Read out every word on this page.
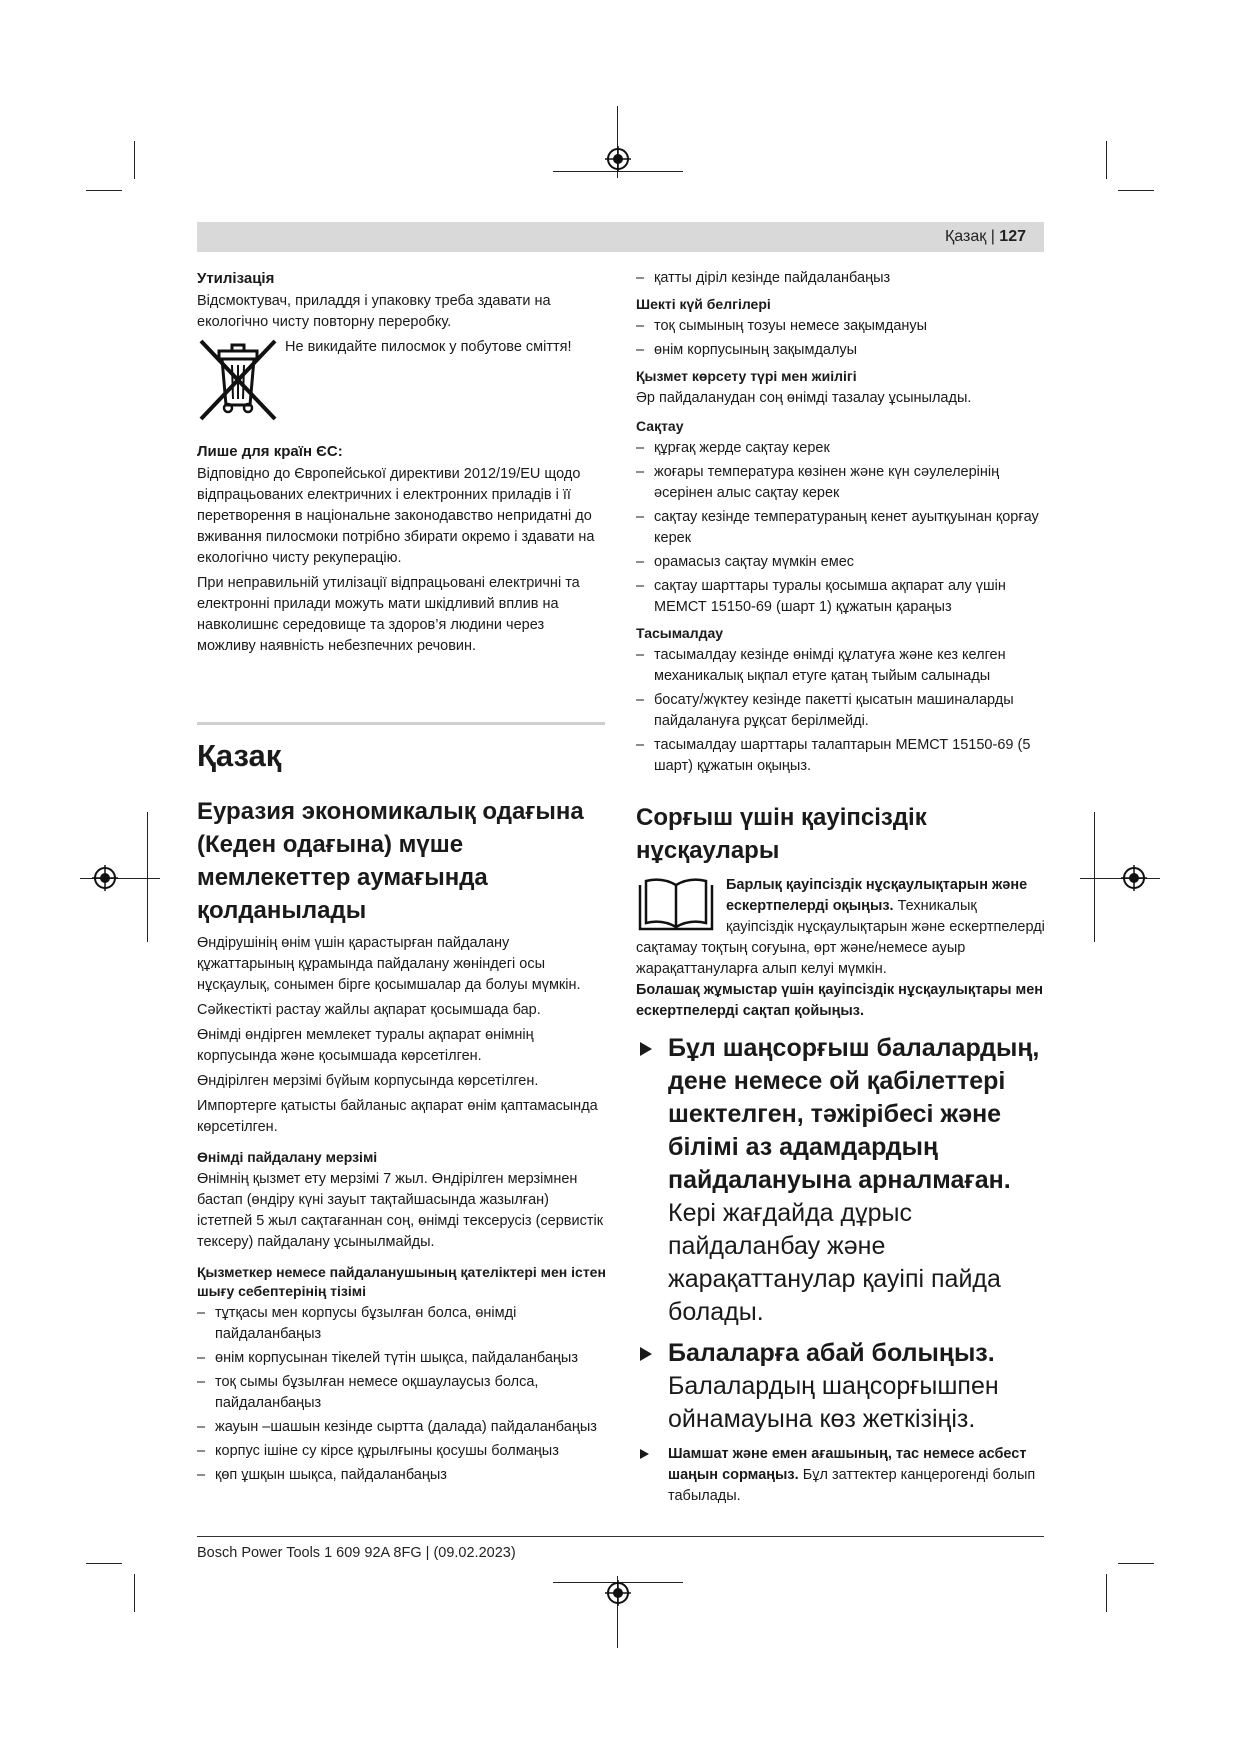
Қазақ | 127
Утилізація

Відсмоктувач, приладдя і упаковку треба здавати на екологічно чисту повторну переробку.

Не викидайте пилосмок у побутове сміття!
Лише для країн ЄС:

Відповідно до Європейської директиви 2012/19/EU щодо відпрацьованих електричних і електронних приладів і її перетворення в національне законодавство непридатні до вживання пилосмоки потрібно збирати окремо і здавати на екологічно чисту рекуперацію.

При неправильній утилізації відпрацьовані електричні та електронні прилади можуть мати шкідливий вплив на навколишнє середовище та здоров’я людини через можливу наявність небезпечних речовин.

Қазақ
Еуразия экономикалық одағына (Кеден одағына) мүше мемлекеттер аумағында қолданылады

Өндірушінің өнім үшін қарастырған пайдалану құжаттарының құрамында пайдалану жөніндегі осы нұсқаулық, сонымен бірге қосымшалар да болуы мүмкін.

Сәйкестікті растау жайлы ақпарат қосымшада бар.

Өнімді өндірген мемлекет туралы ақпарат өнімнің корпусында және қосымшада көрсетілген.

Өндірілген мерзімі бүйым корпусында көрсетілген.

Импортерге қатысты байланыс ақпарат өнім қаптамасында көрсетілген.

Өнімді пайдалану мерзімі

Өнімнің қызмет ету мерзімі 7 жыл. Өндірілген мерзімнен бастап (өндіру күні зауыт тақтайшасында жазылған) істетпей 5 жыл сақтағаннан соң, өнімді тексерусіз (сервистік тексеру) пайдалану ұсынылмайды.

Қызметкер немесе пайдаланушының қателіктері мен істен шығу себептерінің тізімі
– тұтқасы мен корпусы бұзылған болса, өнімді пайдаланбаңыз
– өнім корпусынан тікелей түтін шықса, пайдаланбаңыз
– тоқ сымы бұзылған немесе оқшаулаусыз болса, пайдаланбаңыз
– жауын –шашын кезінде сыртта (далада) пайдаланбаңыз
– корпус ішіне су кірсе құрылғыны қосушы болмаңыз
– қөп ұшқын шықса, пайдаланбаңыз
– қатты діріл кезінде пайдаланбаңыз
Шекті күй белгілері
– тоқ сымының тозуы немесе зақымдануы
– өнім корпусының зақымдалуы
Қызмет көрсету түрі мен жиілігі

Әр пайдаланудан соң өнімді тазалау ұсынылады.

Сақтау
– құрғақ жерде сақтау керек
– жоғары температура көзінен және күн сәулелерінің әсерінен алыс сақтау керек
– сақтау кезінде температураның кенет ауытқуынан қорғау керек
– орамасыз сақтау мүмкін емес
– сақтау шарттары туралы қосымша ақпарат алу үшін МЕМСТ 15150-69 (шарт 1) құжатын қараңыз
Тасымалдау
– тасымалдау кезінде өнімді құлатуға және кез келген механикалық ықпал етуге қатаң тыйым салынады
– босату/жүктеу кезінде пакетті қысатын машиналарды пайдалануға рұқсат берілмейді.
– тасымалдау шарттары талаптарын МЕМСТ 15150-69 (5 шарт) құжатын оқыңыз.
Сорғыш үшін қауіпсіздік нұсқаулары

Барлық қауіпсіздік нұсқаулықтарын және ескертпелерді оқыңыз. Техникалық қауіпсіздік нұсқаулықтарын және ескертпелерді сақтамау тоқтың соғуына, өрт және/немесе ауыр жарақаттануларға алып келуі мүмкін.

Болашақ жұмыстар үшін қауіпсіздік нұсқаулықтары мен ескертпелерді сақтап қойыңыз.

Бұл шаңсорғыш балалардың, дене немесе ой қабілеттері шектелген, тәжірібесі және білімі аз адамдардың пайдалануына арналмаған. Кері жағдайда дұрыс пайдаланбау және жарақаттанулар қауіпі пайда болады.
Балаларға абай болыңыз. Балалардың шаңсорғышпен ойнамауына көз жеткізіңіз.
Шамшат және емен ағашының, тас немесе асбест шаңын сормаңыз. Бұл заттектер канцерогенді болып табылады.
Bosch Power Tools 1 609 92A 8FG | (09.02.2023)
